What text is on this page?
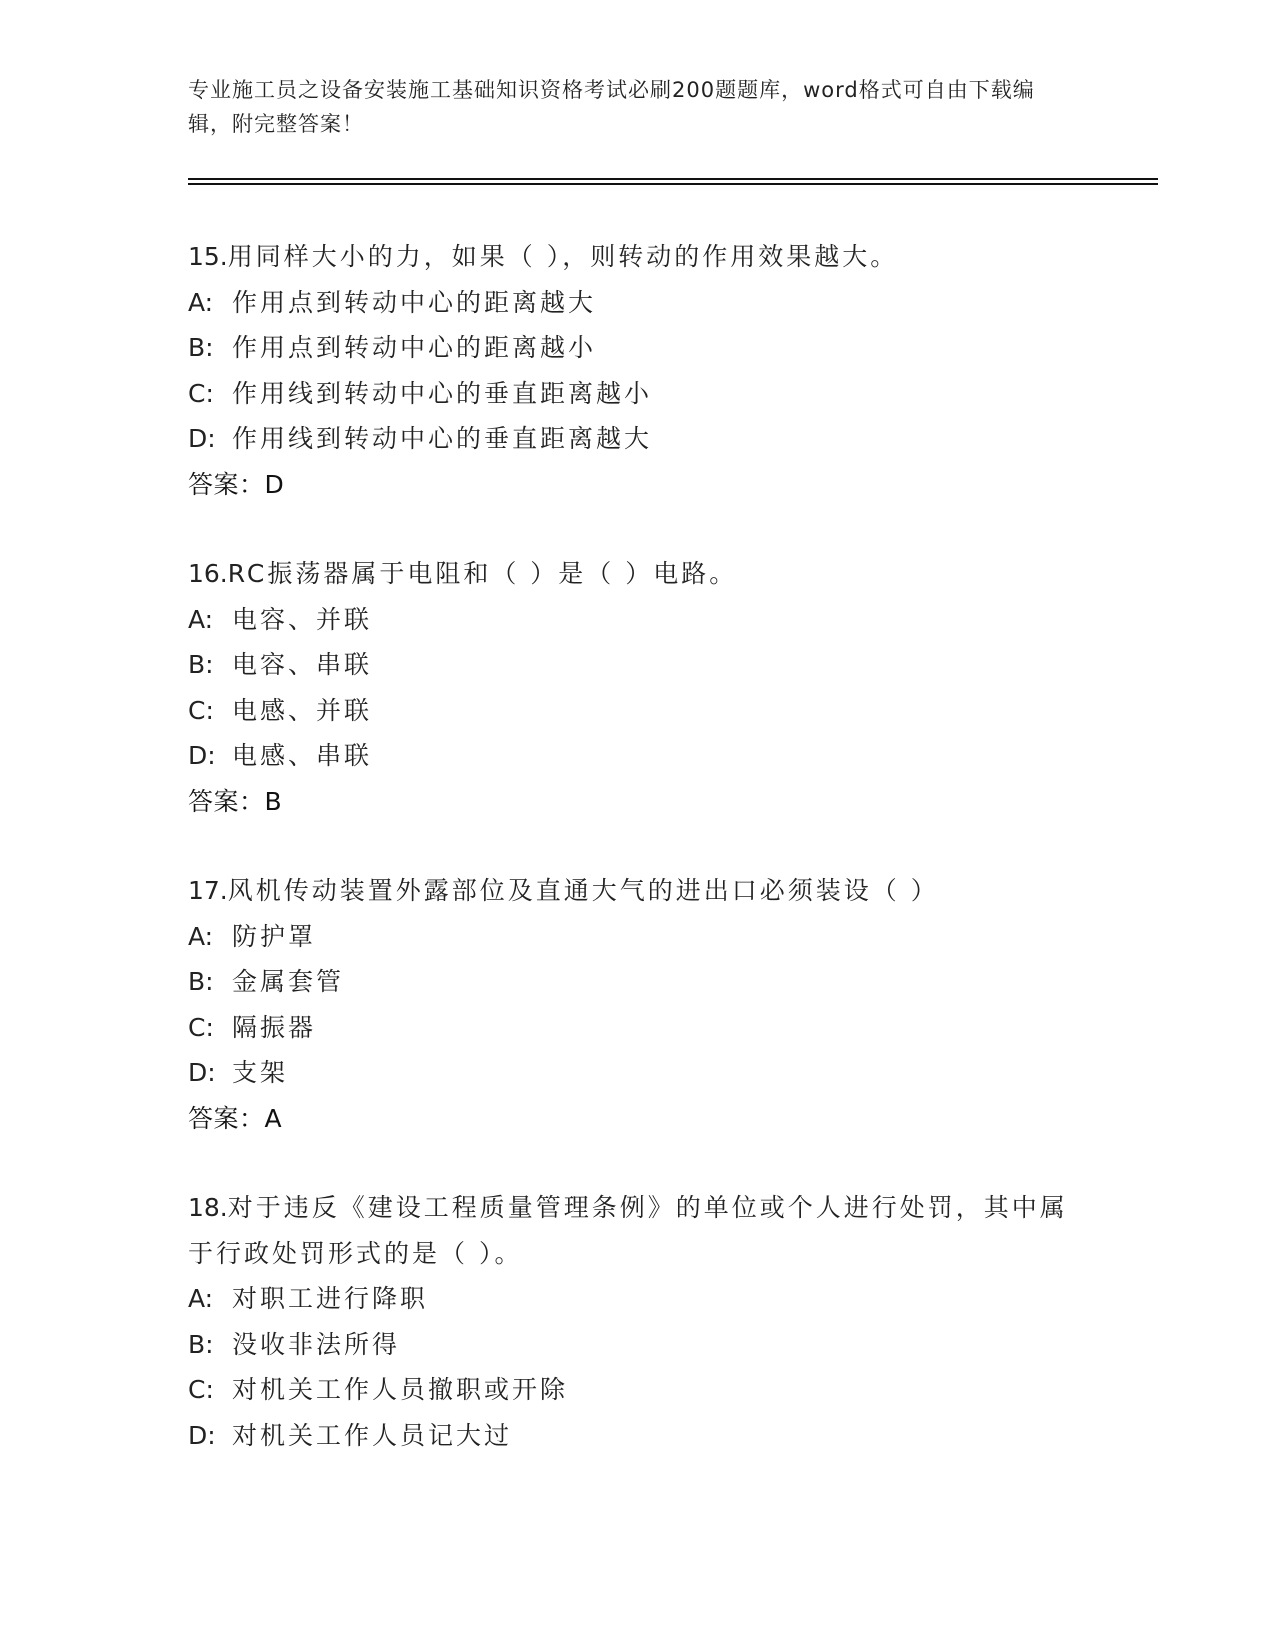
专业施工员之设备安装施工基础知识资格考试必刷200题题库，word格式可自由下载编辑，附完整答案！
15.用同样大小的力，如果（ ），则转动的作用效果越大。
A: 作用点到转动中心的距离越大
B: 作用点到转动中心的距离越小
C: 作用线到转动中心的垂直距离越小
D: 作用线到转动中心的垂直距离越大
答案：D
16.RC振荡器属于电阻和（ ）是（ ）电路。
A: 电容、并联
B: 电容、串联
C: 电感、并联
D: 电感、串联
答案：B
17.风机传动装置外露部位及直通大气的进出口必须装设（ ）
A: 防护罩
B: 金属套管
C: 隔振器
D: 支架
答案：A
18.对于违反《建设工程质量管理条例》的单位或个人进行处罚，其中属于行政处罚形式的是（ ）。
A: 对职工进行降职
B: 没收非法所得
C: 对机关工作人员撤职或开除
D: 对机关工作人员记大过
